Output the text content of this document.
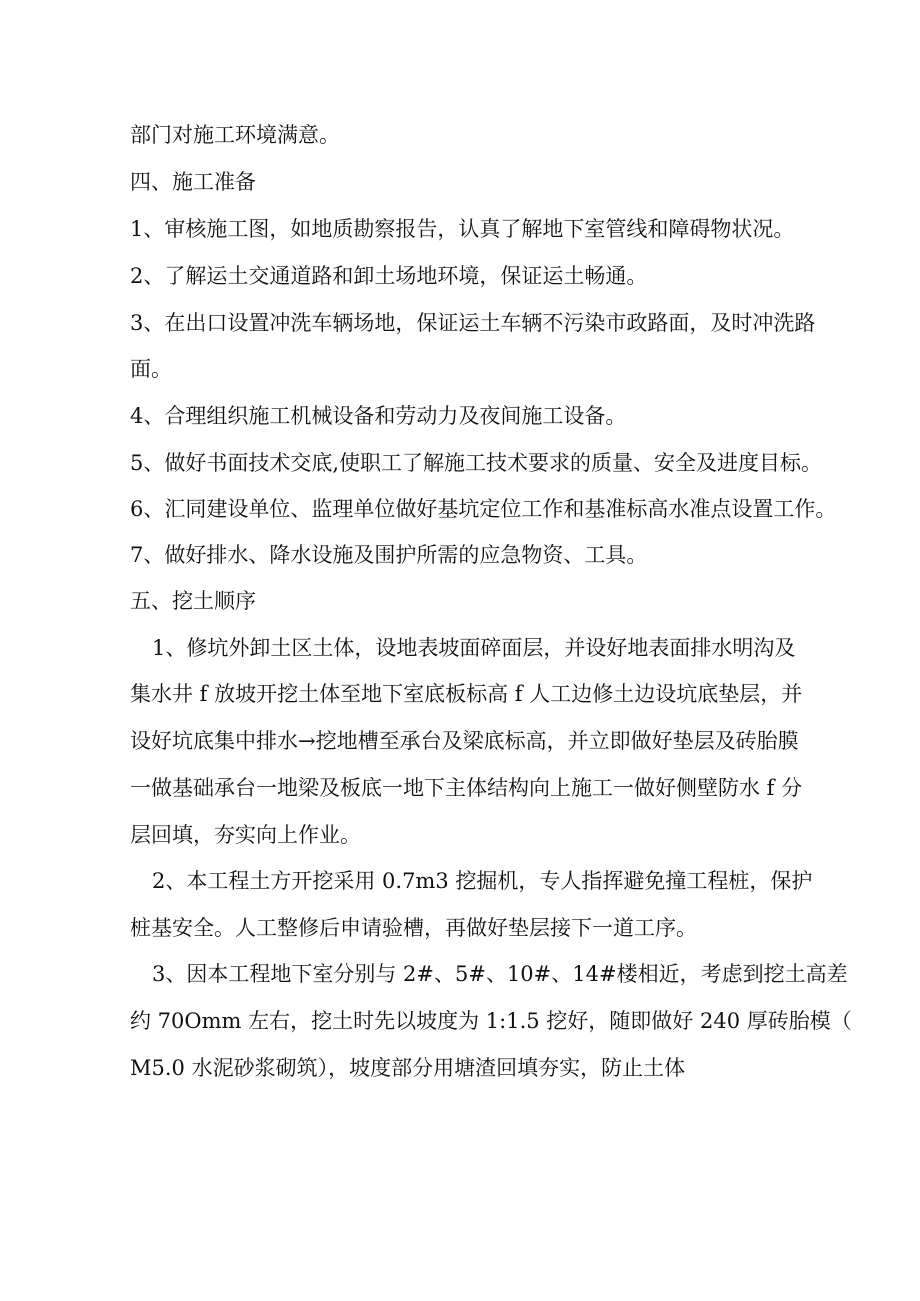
部门对施工环境满意。
四、施工准备
1、审核施工图，如地质勘察报告，认真了解地下室管线和障碍物状况。
2、了解运土交通道路和卸土场地环境，保证运土畅通。
3、在出口设置冲洗车辆场地，保证运土车辆不污染市政路面，及时冲洗路
面。
4、合理组织施工机械设备和劳动力及夜间施工设备。
5、做好书面技术交底,使职工了解施工技术要求的质量、安全及进度目标。
6、汇同建设单位、监理单位做好基坑定位工作和基准标高水准点设置工作。
7、做好排水、降水设施及围护所需的应急物资、工具。
五、挖土顺序
1、修坑外卸土区土体，设地表坡面碎面层，并设好地表面排水明沟及
集水井 f 放坡开挖土体至地下室底板标高 f 人工边修土边设坑底垫层，并
设好坑底集中排水→挖地槽至承台及梁底标高，并立即做好垫层及砖胎膜
一做基础承台一地梁及板底一地下主体结构向上施工一做好侧壁防水 f 分
层回填，夯实向上作业。
2、本工程土方开挖采用 0.7m3 挖掘机，专人指挥避免撞工程桩，保护
桩基安全。人工整修后申请验槽，再做好垫层接下一道工序。
3、因本工程地下室分别与 2#、5#、10#、14#楼相近，考虑到挖土高差
约 70Omm 左右，挖土时先以坡度为 1:1.5 挖好，随即做好 240 厚砖胎模（
M5.0 水泥砂浆砌筑），坡度部分用塘渣回填夯实，防止土体
